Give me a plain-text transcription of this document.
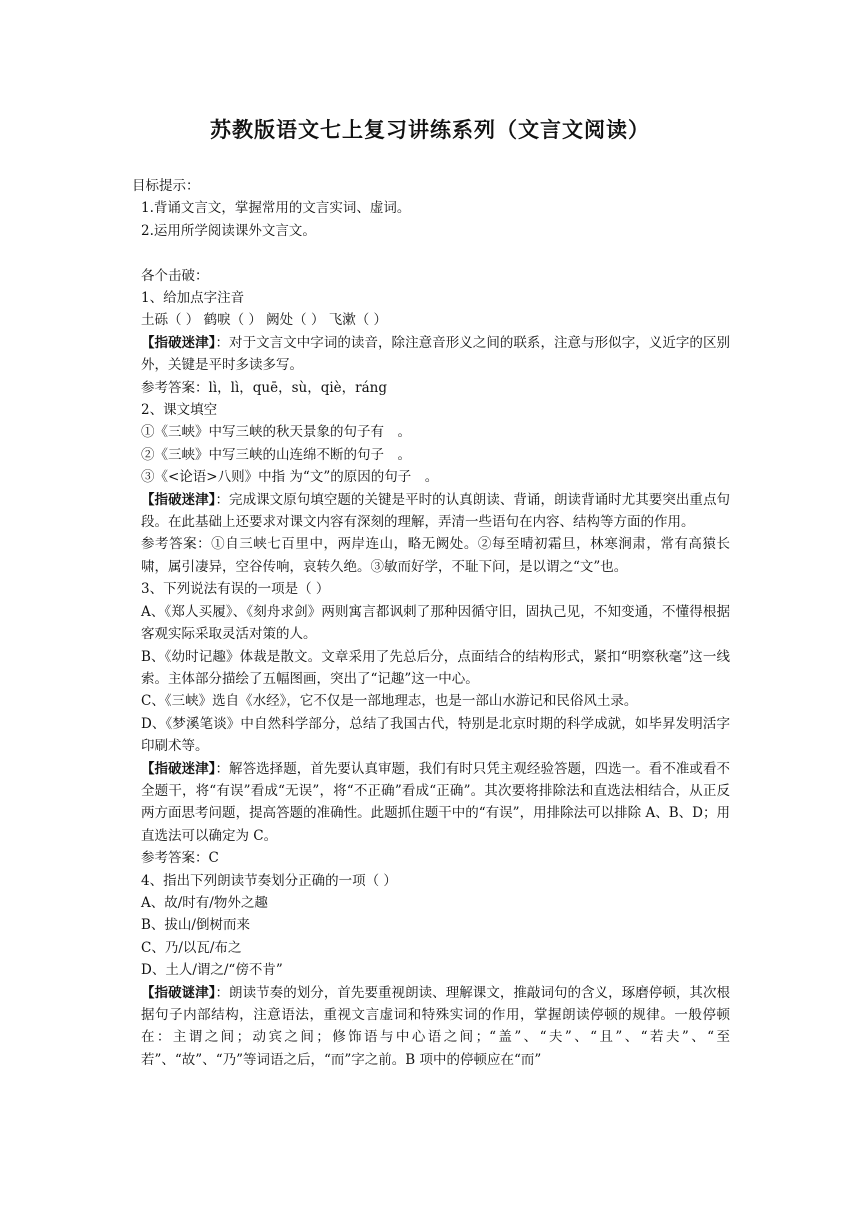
苏教版语文七上复习讲练系列（文言文阅读）

目标提示：

1.背诵文言文，掌握常用的文言实词、虚词。

2.运用所学阅读课外文言文。

各个击破：

1、给加点字注音

土砾（ ） 鹤唳（ ） 阙处（ ） 飞漱（ ）

【指破迷津】：对于文言文中字词的读音，除注意音形义之间的联系，注意与形似字，义近字的区别外，关键是平时多读多写。

参考答案：lì，lì，quē，sù，qiè，ráng

2、课文填空

①《三峡》中写三峡的秋天景象的句子有　。

②《三峡》中写三峡的山连绵不断的句子　。

③《<论语>八则》中指 为“文”的原因的句子　。

【指破迷津】：完成课文原句填空题的关键是平时的认真朗读、背诵，朗读背诵时尤其要突出重点句段。在此基础上还要求对课文内容有深刻的理解，弄清一些语句在内容、结构等方面的作用。

参考答案：①自三峡七百里中，两岸连山，略无阙处。②每至晴初霜旦，林寒涧肃，常有高猿长啸，属引凄异，空谷传响，哀转久绝。③敏而好学，不耻下问，是以谓之“文”也。

3、下列说法有误的一项是（ ）

A、《郑人买履》、《刻舟求剑》两则寓言都讽刺了那种因循守旧，固执己见，不知变通，不懂得根据客观实际采取灵活对策的人。

B、《幼时记趣》体裁是散文。文章采用了先总后分，点面结合的结构形式，紧扣“明察秋毫”这一线索。主体部分描绘了五幅图画，突出了“记趣”这一中心。

C、《三峡》选自《水经》，它不仅是一部地理志，也是一部山水游记和民俗风土录。

D、《梦溪笔谈》中自然科学部分，总结了我国古代，特别是北京时期的科学成就，如毕昇发明活字印刷术等。

【指破迷津】：解答选择题，首先要认真审题，我们有时只凭主观经验答题，四选一。看不准或看不全题干，将“有误”看成“无误”，将“不正确”看成“正确”。其次要将排除法和直选法相结合，从正反两方面思考问题，提高答题的准确性。此题抓住题干中的“有误”，用排除法可以排除 A、B、D；用直选法可以确定为 C。

参考答案：C

4、指出下列朗读节奏划分正确的一项（ ）

A、故/时有/物外之趣

B、拔山/倒树而来

C、乃/以瓦/布之

D、土人/谓之/“傍不肯”

【指破谜津】：朗读节奏的划分，首先要重视朗读、理解课文，推敲词句的含义，琢磨停顿，其次根据句子内部结构，注意语法，重视文言虚词和特殊实词的作用，掌握朗读停顿的规律。一般停顿在：主谓之间；动宾之间；修饰语与中心语之间；“盖”、“夫”、“且”、“若夫”、“至若”、“故”、“乃”等词语之后，“而”字之前。B 项中的停顿应在“而”
